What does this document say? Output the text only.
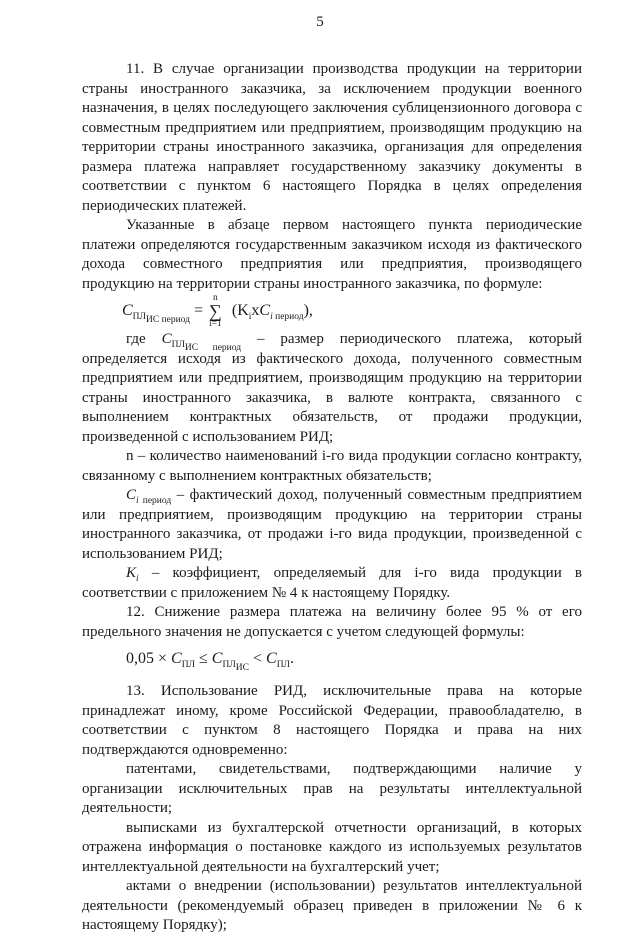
5

11. В случае организации производства продукции на территории страны иностранного заказчика, за исключением продукции военного назначения, в целях последующего заключения сублицензионного договора с совместным предприятием или предприятием, производящим продукцию на территории страны иностранного заказчика, организация для определения размера платежа направляет государственному заказчику документы в соответствии с пунктом 6 настоящего Порядка в целях определения периодических платежей.

Указанные в абзаце первом настоящего пункта периодические платежи определяются государственным заказчиком исходя из фактического дохода совместного предприятия или предприятия, производящего продукцию на территории страны иностранного заказчика, по формуле:

$C_{ПЛ_{ИС период}}$ = ∑
n
i=1
$(K_ixC_{i период})$,

где $C_{ПЛ_{ИС период}}$ – размер периодического платежа, который определяется исходя из фактического дохода, полученного совместным предприятием или предприятием, производящим продукцию на территории страны иностранного заказчика, в валюте контракта, связанного с выполнением контрактных обязательств, от продажи продукции, произведенной с использованием РИД;

n – количество наименований i-го вида продукции согласно контракту, связанному с выполнением контрактных обязательств;

$C_{i период}$ – фактический доход, полученный совместным предприятием или предприятием, производящим продукцию на территории страны иностранного заказчика, от продажи i-го вида продукции, произведенной с использованием РИД;

$K_i$ – коэффициент, определяемый для i-го вида продукции в соответствии с приложением № 4 к настоящему Порядку.

12. Снижение размера платежа на величину более 95 % от его предельного значения не допускается с учетом следующей формулы:

$0,05 \times C_{ПЛ} \le C_{ПЛ_{ИС}} < C_{ПЛ}$.

13. Использование РИД, исключительные права на которые принадлежат иному, кроме Российской Федерации, правообладателю, в соответствии с пунктом 8 настоящего Порядка и права на них подтверждаются одновременно:

патентами, свидетельствами, подтверждающими наличие у организации исключительных прав на результаты интеллектуальной деятельности;

выписками из бухгалтерской отчетности организаций, в которых отражена информация о постановке каждого из используемых результатов интеллектуальной деятельности на бухгалтерский учет;

актами о внедрении (использовании) результатов интеллектуальной деятельности (рекомендуемый образец приведен в приложении № 6 к настоящему Порядку);
